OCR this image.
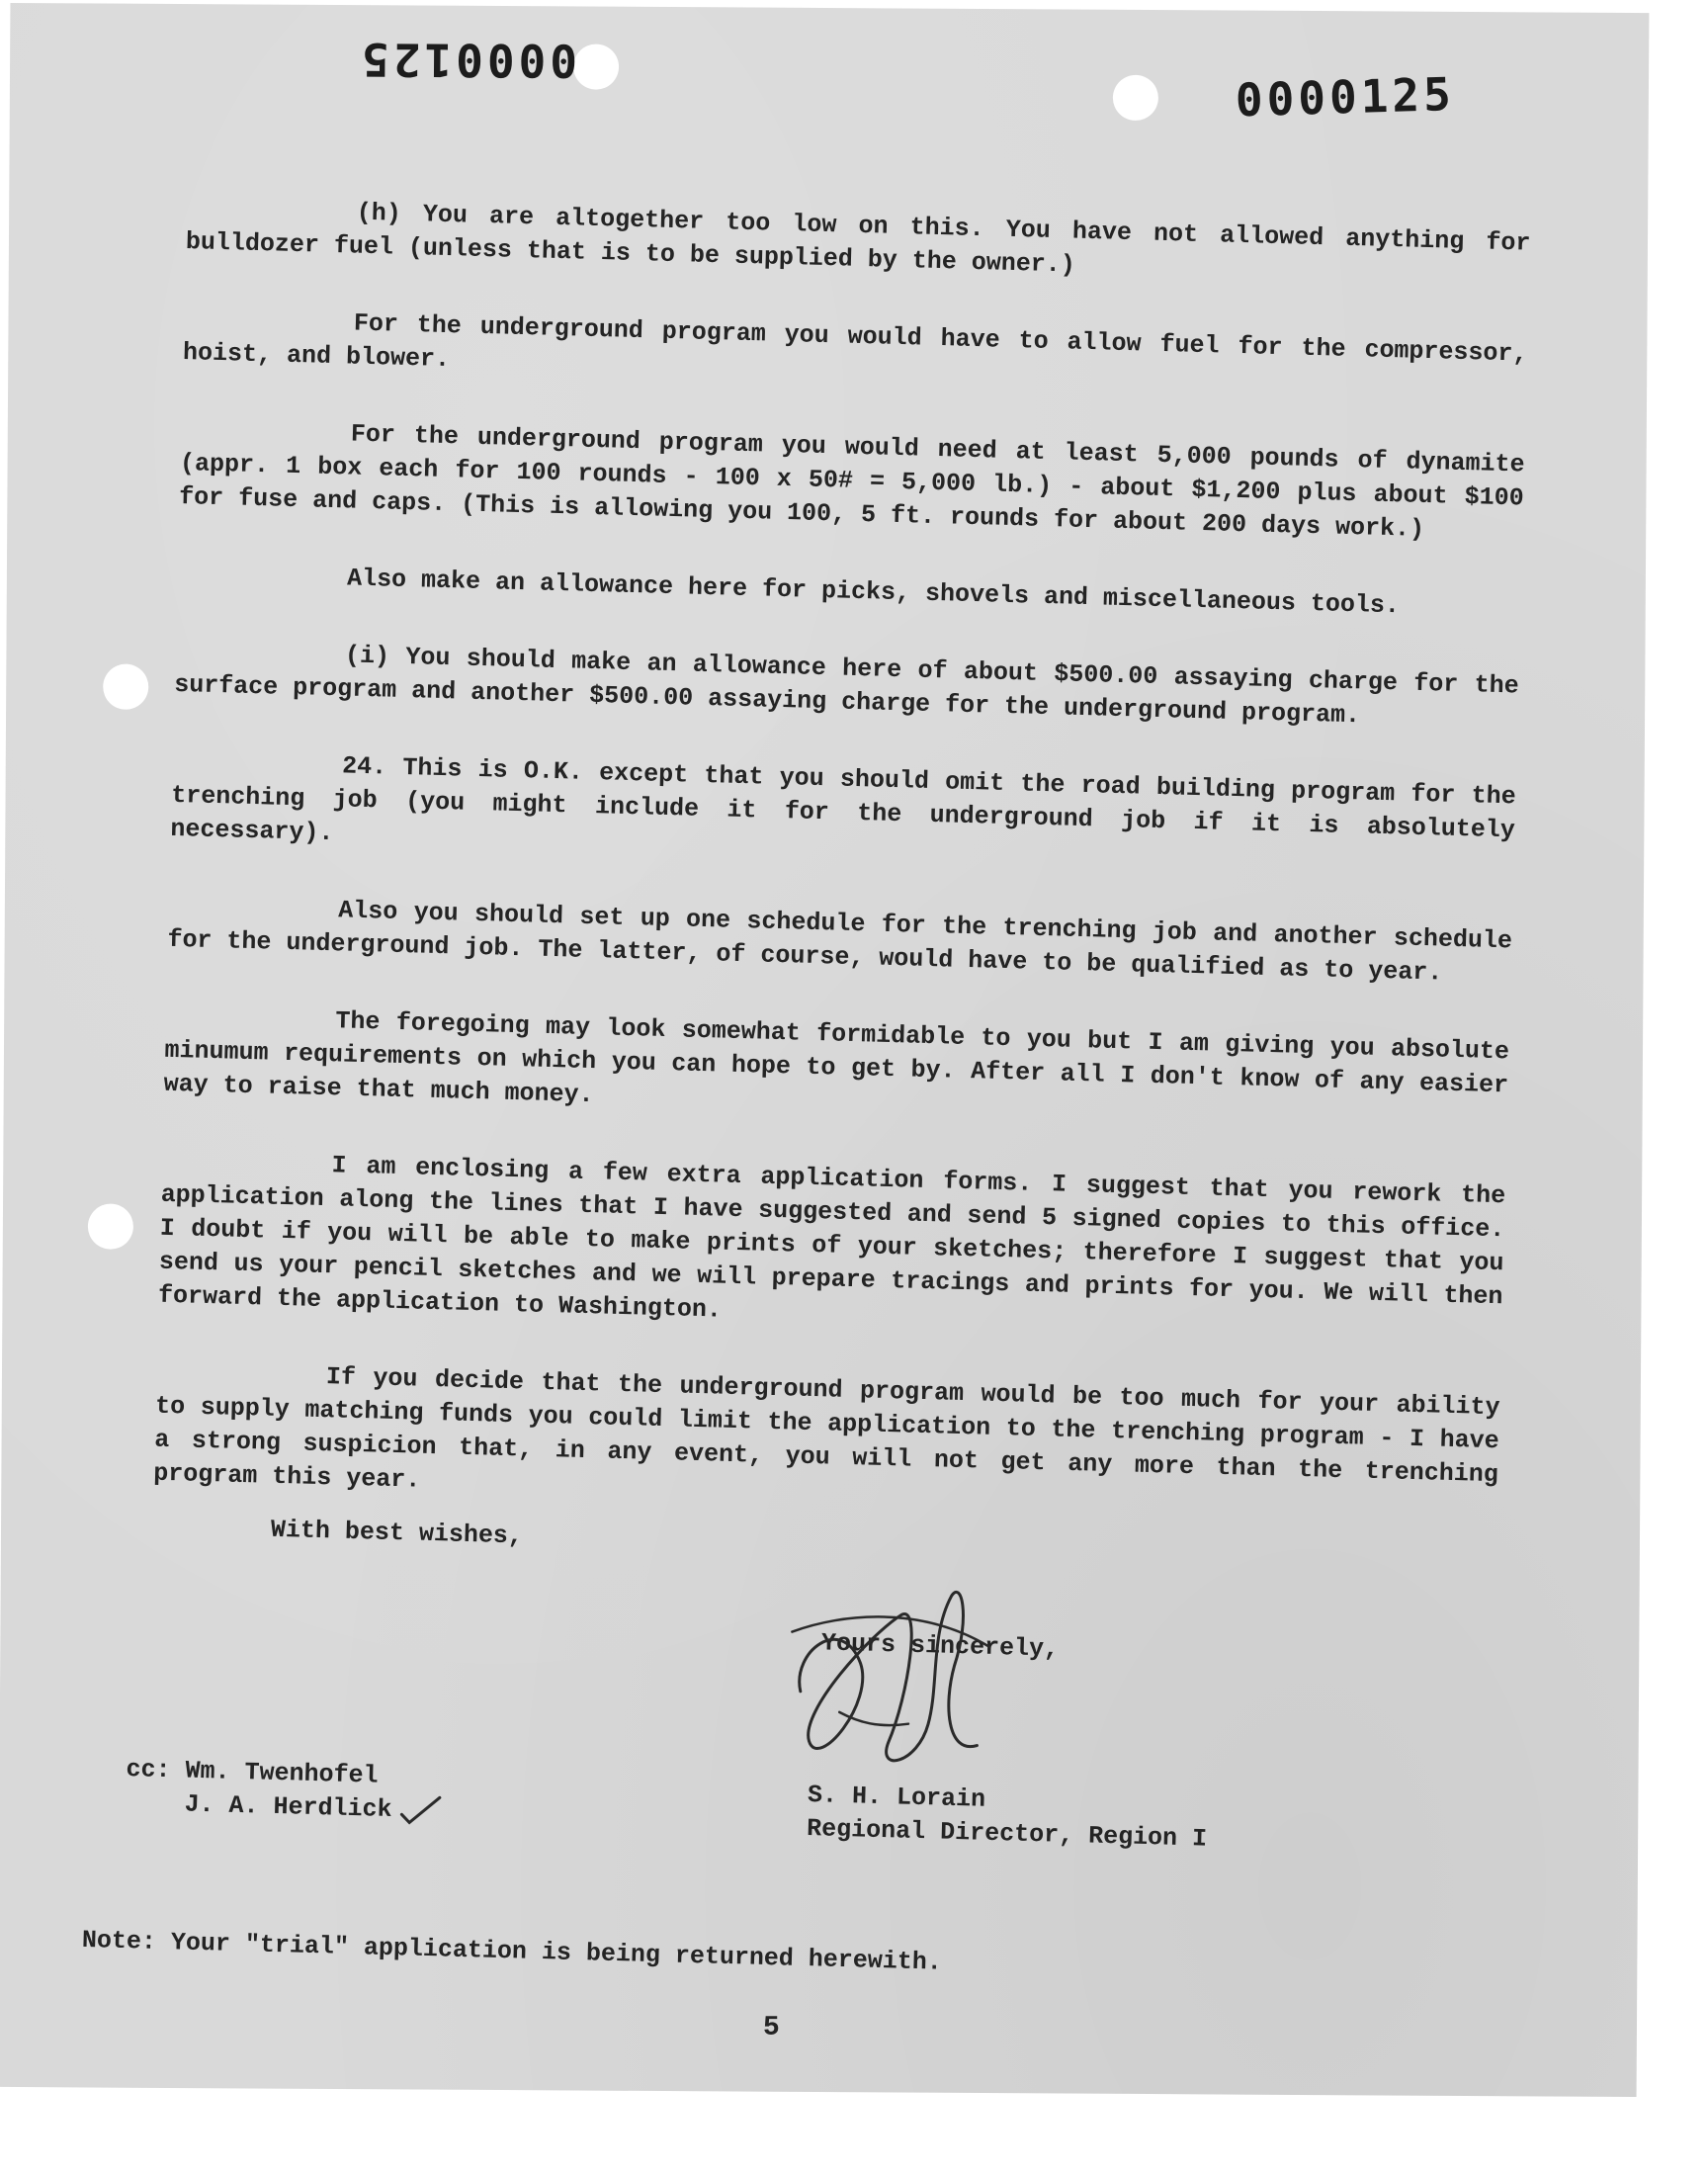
0000125
0000125

(h) You are altogether too low on this. You have not allowed anything for bulldozer fuel (unless that is to be supplied by the owner.)

For the underground program you would have to allow fuel for the compressor, hoist, and blower.

For the underground program you would need at least 5,000 pounds of dynamite (appr. 1 box each for 100 rounds - 100 x 50# = 5,000 lb.) - about $1,200 plus about $100 for fuse and caps. (This is allowing you 100, 5 ft. rounds for about 200 days work.)

Also make an allowance here for picks, shovels and miscellaneous tools.

(i) You should make an allowance here of about $500.00 assaying charge for the surface program and another $500.00 assaying charge for the underground program.

24. This is O.K. except that you should omit the road building program for the trenching job (you might include it for the underground job if it is absolutely necessary).

Also you should set up one schedule for the trenching job and another schedule for the underground job. The latter, of course, would have to be qualified as to year.

The foregoing may look somewhat formidable to you but I am giving you absolute minumum requirements on which you can hope to get by. After all I don't know of any easier way to raise that much money.

I am enclosing a few extra application forms. I suggest that you rework the application along the lines that I have suggested and send 5 signed copies to this office. I doubt if you will be able to make prints of your sketches; therefore I suggest that you send us your pencil sketches and we will prepare tracings and prints for you. We will then forward the application to Washington.

If you decide that the underground program would be too much for your ability to supply matching funds you could limit the application to the trenching program - I have a strong suspicion that, in any event, you will not get any more than the trenching program this year.

With best wishes,
Yours sincerely,
cc: Wm. Twenhofel
J. A. Herdlick	S. H. Lorain
Regional Director, Region I
Note: Your "trial" application is being returned herewith.
5
